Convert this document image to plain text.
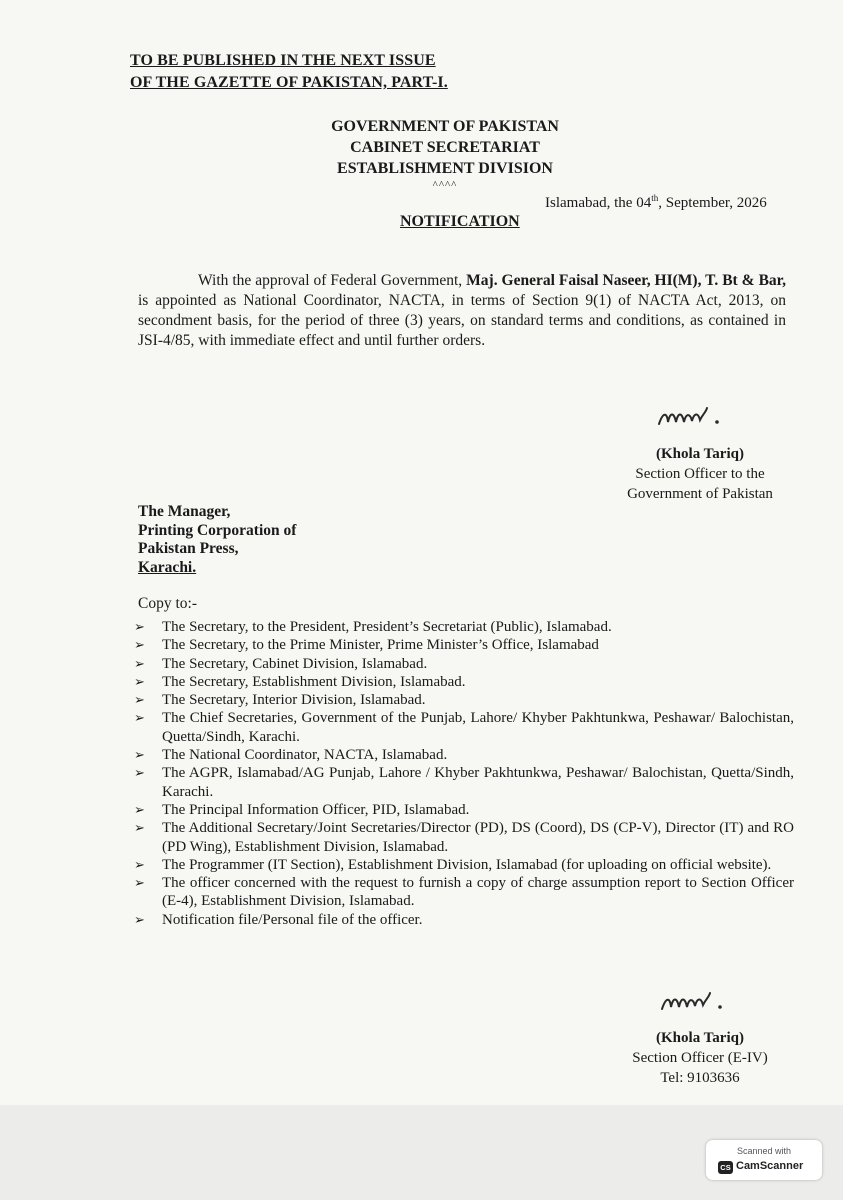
TO BE PUBLISHED IN THE NEXT ISSUE
OF THE GAZETTE OF PAKISTAN, PART-I.
GOVERNMENT OF PAKISTAN
CABINET SECRETARIAT
ESTABLISHMENT DIVISION
^^^^
Islamabad, the 04th, September, 2026
NOTIFICATION
With the approval of Federal Government, Maj. General Faisal Naseer, HI(M), T. Bt & Bar, is appointed as National Coordinator, NACTA, in terms of Section 9(1) of NACTA Act, 2013, on secondment basis, for the period of three (3) years, on standard terms and conditions, as contained in JSI-4/85, with immediate effect and until further orders.
(Khola Tariq)
Section Officer to the
Government of Pakistan
The Manager,
Printing Corporation of
Pakistan Press,
Karachi.
Copy to:-
➢ The Secretary, to the President, President’s Secretariat (Public), Islamabad.
➢ The Secretary, to the Prime Minister, Prime Minister’s Office, Islamabad
➢ The Secretary, Cabinet Division, Islamabad.
➢ The Secretary, Establishment Division, Islamabad.
➢ The Secretary, Interior Division, Islamabad.
➢ The Chief Secretaries, Government of the Punjab, Lahore/ Khyber Pakhtunkwa, Peshawar/ Balochistan, Quetta/Sindh, Karachi.
➢ The National Coordinator, NACTA, Islamabad.
➢ The AGPR, Islamabad/AG Punjab, Lahore / Khyber Pakhtunkwa, Peshawar/ Balochistan, Quetta/Sindh, Karachi.
➢ The Principal Information Officer, PID, Islamabad.
➢ The Additional Secretary/Joint Secretaries/Director (PD), DS (Coord), DS (CP-V), Director (IT) and RO (PD Wing), Establishment Division, Islamabad.
➢ The Programmer (IT Section), Establishment Division, Islamabad (for uploading on official website).
➢ The officer concerned with the request to furnish a copy of charge assumption report to Section Officer (E-4), Establishment Division, Islamabad.
➢ Notification file/Personal file of the officer.
(Khola Tariq)
Section Officer (E-IV)
Tel: 9103636
Scanned with
CS CamScanner
